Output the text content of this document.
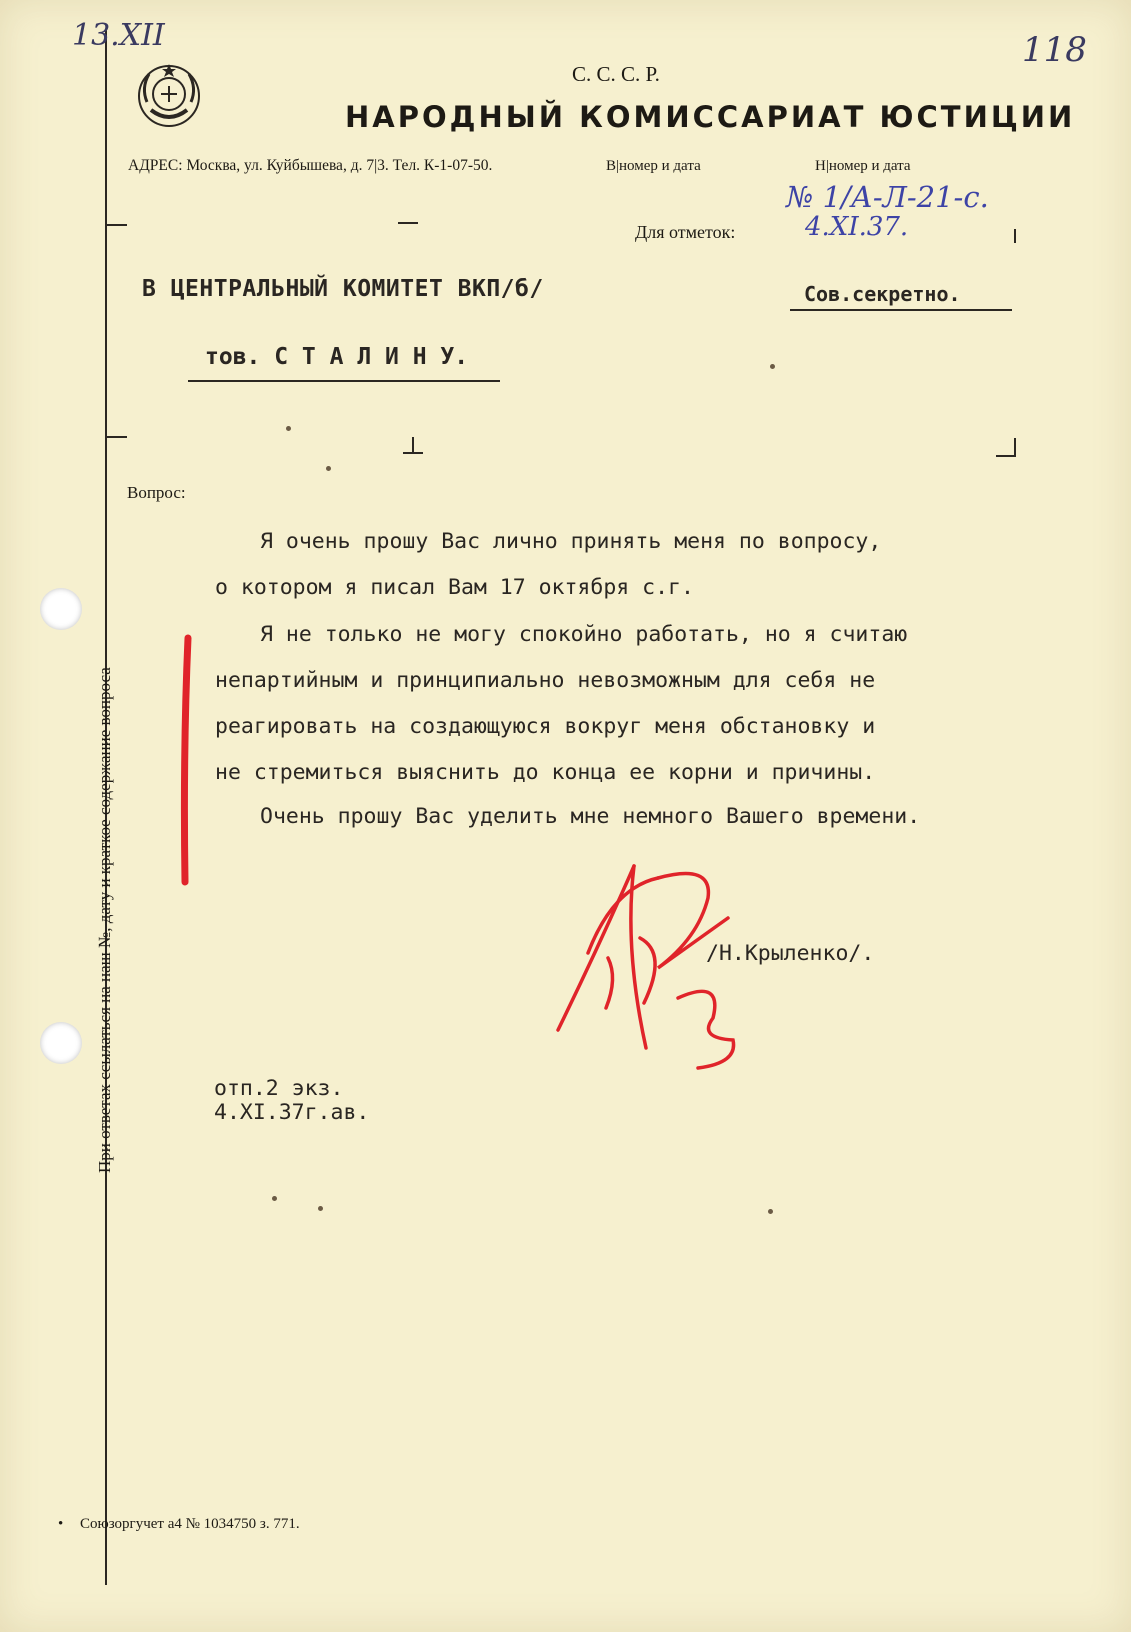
При ответах ссылаться на наш №, дату и краткое содержание вопроса
13.XII	118
С. С. С. Р.
НАРОДНЫЙ КОМИССАРИАТ ЮСТИЦИИ
АДРЕС: Москва, ул. Куйбышева, д. 7|3. Тел. К-1-07-50.	В|номер и дата	Н|номер и дата
№ 1/А-Л-21-с.
4.XI.37.
Для отметок:
В ЦЕНТРАЛЬНЫЙ КОМИТЕТ ВКП/б/	Сов.секретно.
тов. С Т А Л И Н У.
Вопрос:
Я очень прошу Вас лично принять меня по вопросу,
о котором я писал Вам 17 октября с.г.
Я не только не могу спокойно работать, но я считаю
непартийным и принципиально невозможным для себя не
реагировать на создающуюся вокруг меня обстановку и
не стремиться выяснить до конца ее корни и причины.
Очень прошу Вас уделить мне немного Вашего времени.
/Н.Крыленко/.
отп.2 экз.
4.XI.37г.ав.
• Союзоргучет а4 № 1034750 з. 771.
